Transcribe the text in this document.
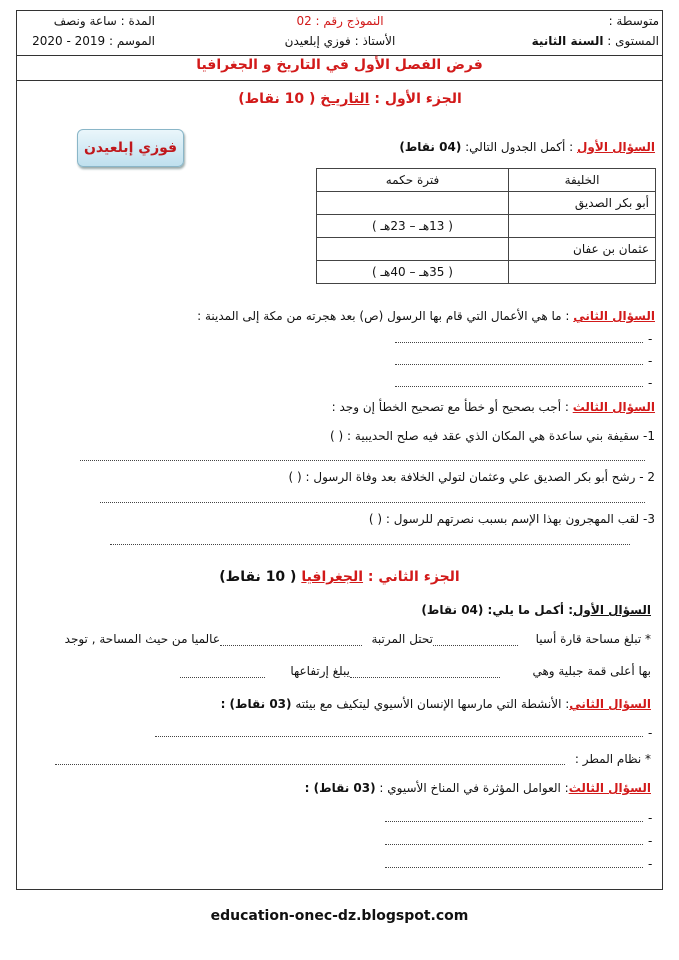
متوسطة :
النموذج رقم : 02
المدة : ساعة ونصف
المستوى : السنة الثانية
الأستاذ : فوزي إبلعيدن
الموسم : 2019 - 2020
فرض الفصل الأول في التاريخ و الجغرافيا
الجزء الأول : التاريـخ ( 10 نقاط)
فوزي إبلعيدن	السؤال الأول : أكمل الجدول التالي: (04 نقاط)
الخليفة	فترة حكمه
أبو بكر الصديق	
	( 13هـ – 23هـ )
عثمان بن عفان	
	( 35هـ – 40هـ )
السؤال الثاني : ما هي الأعمال التي قام بها الرسول (ص) بعد هجرته من مكة إلى المدينة :
-
-
-
السؤال الثالث : أجب بصحيح أو خطأ مع تصحيح الخطأ إن وجد :
1- سقيفة بني ساعدة هي المكان الذي عقد فيه صلح الحديبية : ( )
2 - رشح أبو بكر الصديق علي وعثمان لتولي الخلافة بعد وفاة الرسول : ( )
3- لقب المهجرون بهذا الإسم بسبب نصرتهم للرسول : ( )
الجزء الثاني : الجغرافيا ( 10 نقاط)
السؤال الأول: أكمل ما يلي: (04 نقاط)
* تبلغ مساحة قارة أسيا
تحتل المرتبة
عالميا من حيث المساحة , توجد
بها أعلى قمة جبلية وهي
يبلغ إرتفاعها
السؤال الثاني: الأنشطة التي مارسها الإنسان الأسيوي ليتكيف مع بيئته (03 نقاط) :
-
* نظام المطر :
السؤال الثالث: العوامل المؤثرة في المناخ الأسيوي : (03 نقاط) :
-
-
-
education-onec-dz.blogspot.com
